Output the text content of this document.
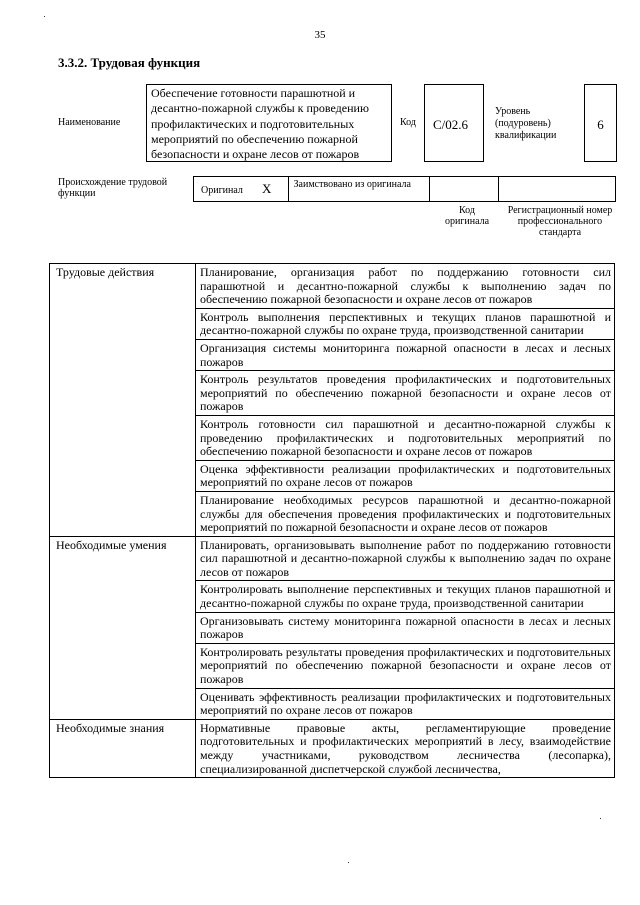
35
3.3.2. Трудовая функция
Наименование
Обеспечение готовности парашютной и десантно-пожарной службы к проведению профилактических и подготовительных мероприятий по обеспечению пожарной безопасности и охране лесов от пожаров
Код С/02.6
Уровень (подуровень) квалификации
6
Происхождение трудовой функции	Оригинал X Заимствовано из оригинала
Код оригинала
Регистрационный номер профессионального стандарта
Трудовые действия	Планирование, организация работ по поддержанию готовности сил парашютной и десантно-пожарной службы к выполнению задач по обеспечению пожарной безопасности и охране лесов от пожаров
	Контроль выполнения перспективных и текущих планов парашютной и десантно-пожарной службы по охране труда, производственной санитарии
	Организация системы мониторинга пожарной опасности в лесах и лесных пожаров
	Контроль результатов проведения профилактических и подготовительных мероприятий по обеспечению пожарной безопасности и охране лесов от пожаров
	Контроль готовности сил парашютной и десантно-пожарной службы к проведению профилактических и подготовительных мероприятий по обеспечению пожарной безопасности и охране лесов от пожаров
	Оценка эффективности реализации профилактических и подготовительных мероприятий по охране лесов от пожаров
	Планирование необходимых ресурсов парашютной и десантно-пожарной службы для обеспечения проведения профилактических и подготовительных мероприятий по пожарной безопасности и охране лесов от пожаров
Необходимые умения	Планировать, организовывать выполнение работ по поддержанию готовности сил парашютной и десантно-пожарной службы к выполнению задач по охране лесов от пожаров
	Контролировать выполнение перспективных и текущих планов парашютной и десантно-пожарной службы по охране труда, производственной санитарии
	Организовывать систему мониторинга пожарной опасности в лесах и лесных пожаров
	Контролировать результаты проведения профилактических и подготовительных мероприятий по обеспечению пожарной безопасности и охране лесов от пожаров
	Оценивать эффективность реализации профилактических и подготовительных мероприятий по охране лесов от пожаров
Необходимые знания	Нормативные правовые акты, регламентирующие проведение подготовительных и профилактических мероприятий в лесу, взаимодействие между участниками, руководством лесничества (лесопарка), специализированной диспетчерской службой лесничества,
